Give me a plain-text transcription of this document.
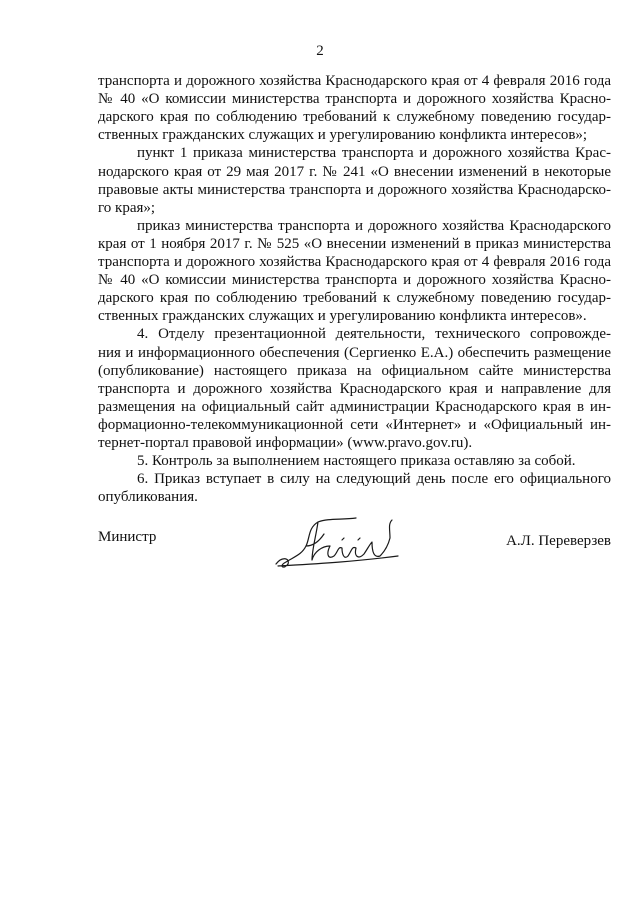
2
транспорта и дорожного хозяйства Краснодарского края от 4 февраля 2016 года
№ 40 «О комиссии министерства транспорта и дорожного хозяйства Красно-
дарского края по соблюдению требований к служебному поведению государ-
ственных гражданских служащих и урегулированию конфликта интересов»;
пункт 1 приказа министерства транспорта и дорожного хозяйства Крас-
нодарского края от 29 мая 2017 г. № 241 «О внесении изменений в некоторые
правовые акты министерства транспорта и дорожного хозяйства Краснодарско-
го края»;
приказ министерства транспорта и дорожного хозяйства Краснодарского
края от 1 ноября 2017 г. № 525 «О внесении изменений в приказ министерства
транспорта и дорожного хозяйства Краснодарского края от 4 февраля 2016 года
№ 40 «О комиссии министерства транспорта и дорожного хозяйства Красно-
дарского края по соблюдению требований к служебному поведению государ-
ственных гражданских служащих и урегулированию конфликта интересов».
4. Отделу презентационной деятельности, технического сопровожде-
ния и информационного обеспечения (Сергиенко Е.А.) обеспечить размещение
(опубликование) настоящего приказа на официальном сайте министерства
транспорта и дорожного хозяйства Краснодарского края и направление для
размещения на официальный сайт администрации Краснодарского края в ин-
формационно-телекоммуникационной сети «Интернет» и «Официальный ин-
тернет-портал правовой информации» (www.pravo.gov.ru).
5. Контроль за выполнением настоящего приказа оставляю за собой.
6. Приказ вступает в силу на следующий день после его официального
опубликования.
Министр	А.Л. Переверзев
